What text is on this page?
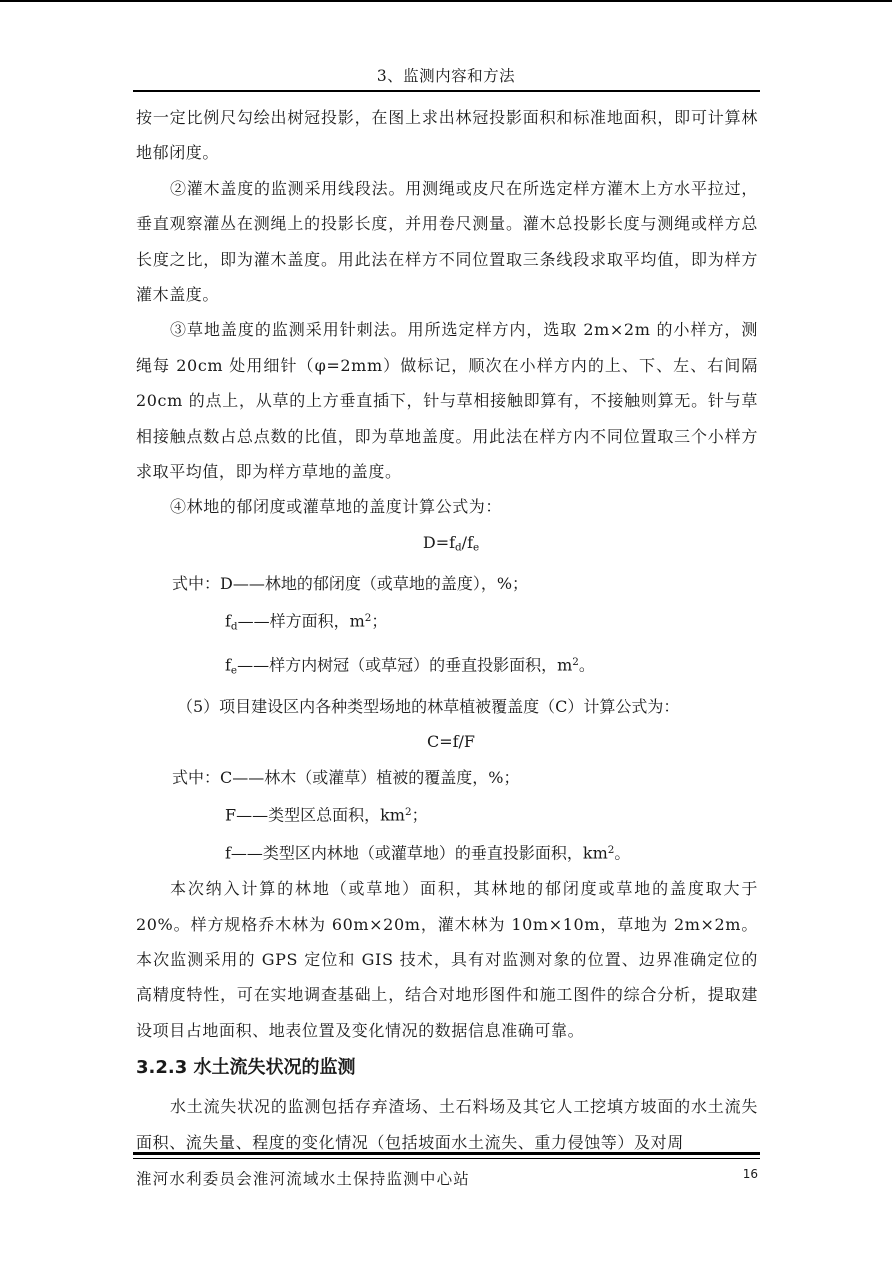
3、监测内容和方法

按一定比例尺勾绘出树冠投影，在图上求出林冠投影面积和标准地面积，即可计算林地郁闭度。

②灌木盖度的监测采用线段法。用测绳或皮尺在所选定样方灌木上方水平拉过，垂直观察灌丛在测绳上的投影长度，并用卷尺测量。灌木总投影长度与测绳或样方总长度之比，即为灌木盖度。用此法在样方不同位置取三条线段求取平均值，即为样方灌木盖度。

③草地盖度的监测采用针刺法。用所选定样方内，选取 2m×2m 的小样方，测绳每 20cm 处用细针（φ=2mm）做标记，顺次在小样方内的上、下、左、右间隔 20cm 的点上，从草的上方垂直插下，针与草相接触即算有，不接触则算无。针与草相接触点数占总点数的比值，即为草地盖度。用此法在样方内不同位置取三个小样方求取平均值，即为样方草地的盖度。

④林地的郁闭度或灌草地的盖度计算公式为：

$D=f_d/f_e$

式中：D——林地的郁闭度（或草地的盖度），%；

$f_d——$样方面积，$m^2$；

$f_e——$样方内树冠（或草冠）的垂直投影面积，$m^2$。

（5）项目建设区内各种类型场地的林草植被覆盖度（C）计算公式为：

C=f/F

式中：C——林木（或灌草）植被的覆盖度，%；

F——类型区总面积，$km^2$；

f——类型区内林地（或灌草地）的垂直投影面积，$km^2$。

本次纳入计算的林地（或草地）面积，其林地的郁闭度或草地的盖度取大于20%。样方规格乔木林为 60m×20m，灌木林为 10m×10m，草地为 2m×2m。本次监测采用的 GPS 定位和 GIS 技术，具有对监测对象的位置、边界准确定位的高精度特性，可在实地调查基础上，结合对地形图件和施工图件的综合分析，提取建设项目占地面积、地表位置及变化情况的数据信息准确可靠。

3.2.3 水土流失状况的监测

水土流失状况的监测包括存弃渣场、土石料场及其它人工挖填方坡面的水土流失面积、流失量、程度的变化情况（包括坡面水土流失、重力侵蚀等）及对周

淮河水利委员会淮河流域水土保持监测中心站	16
